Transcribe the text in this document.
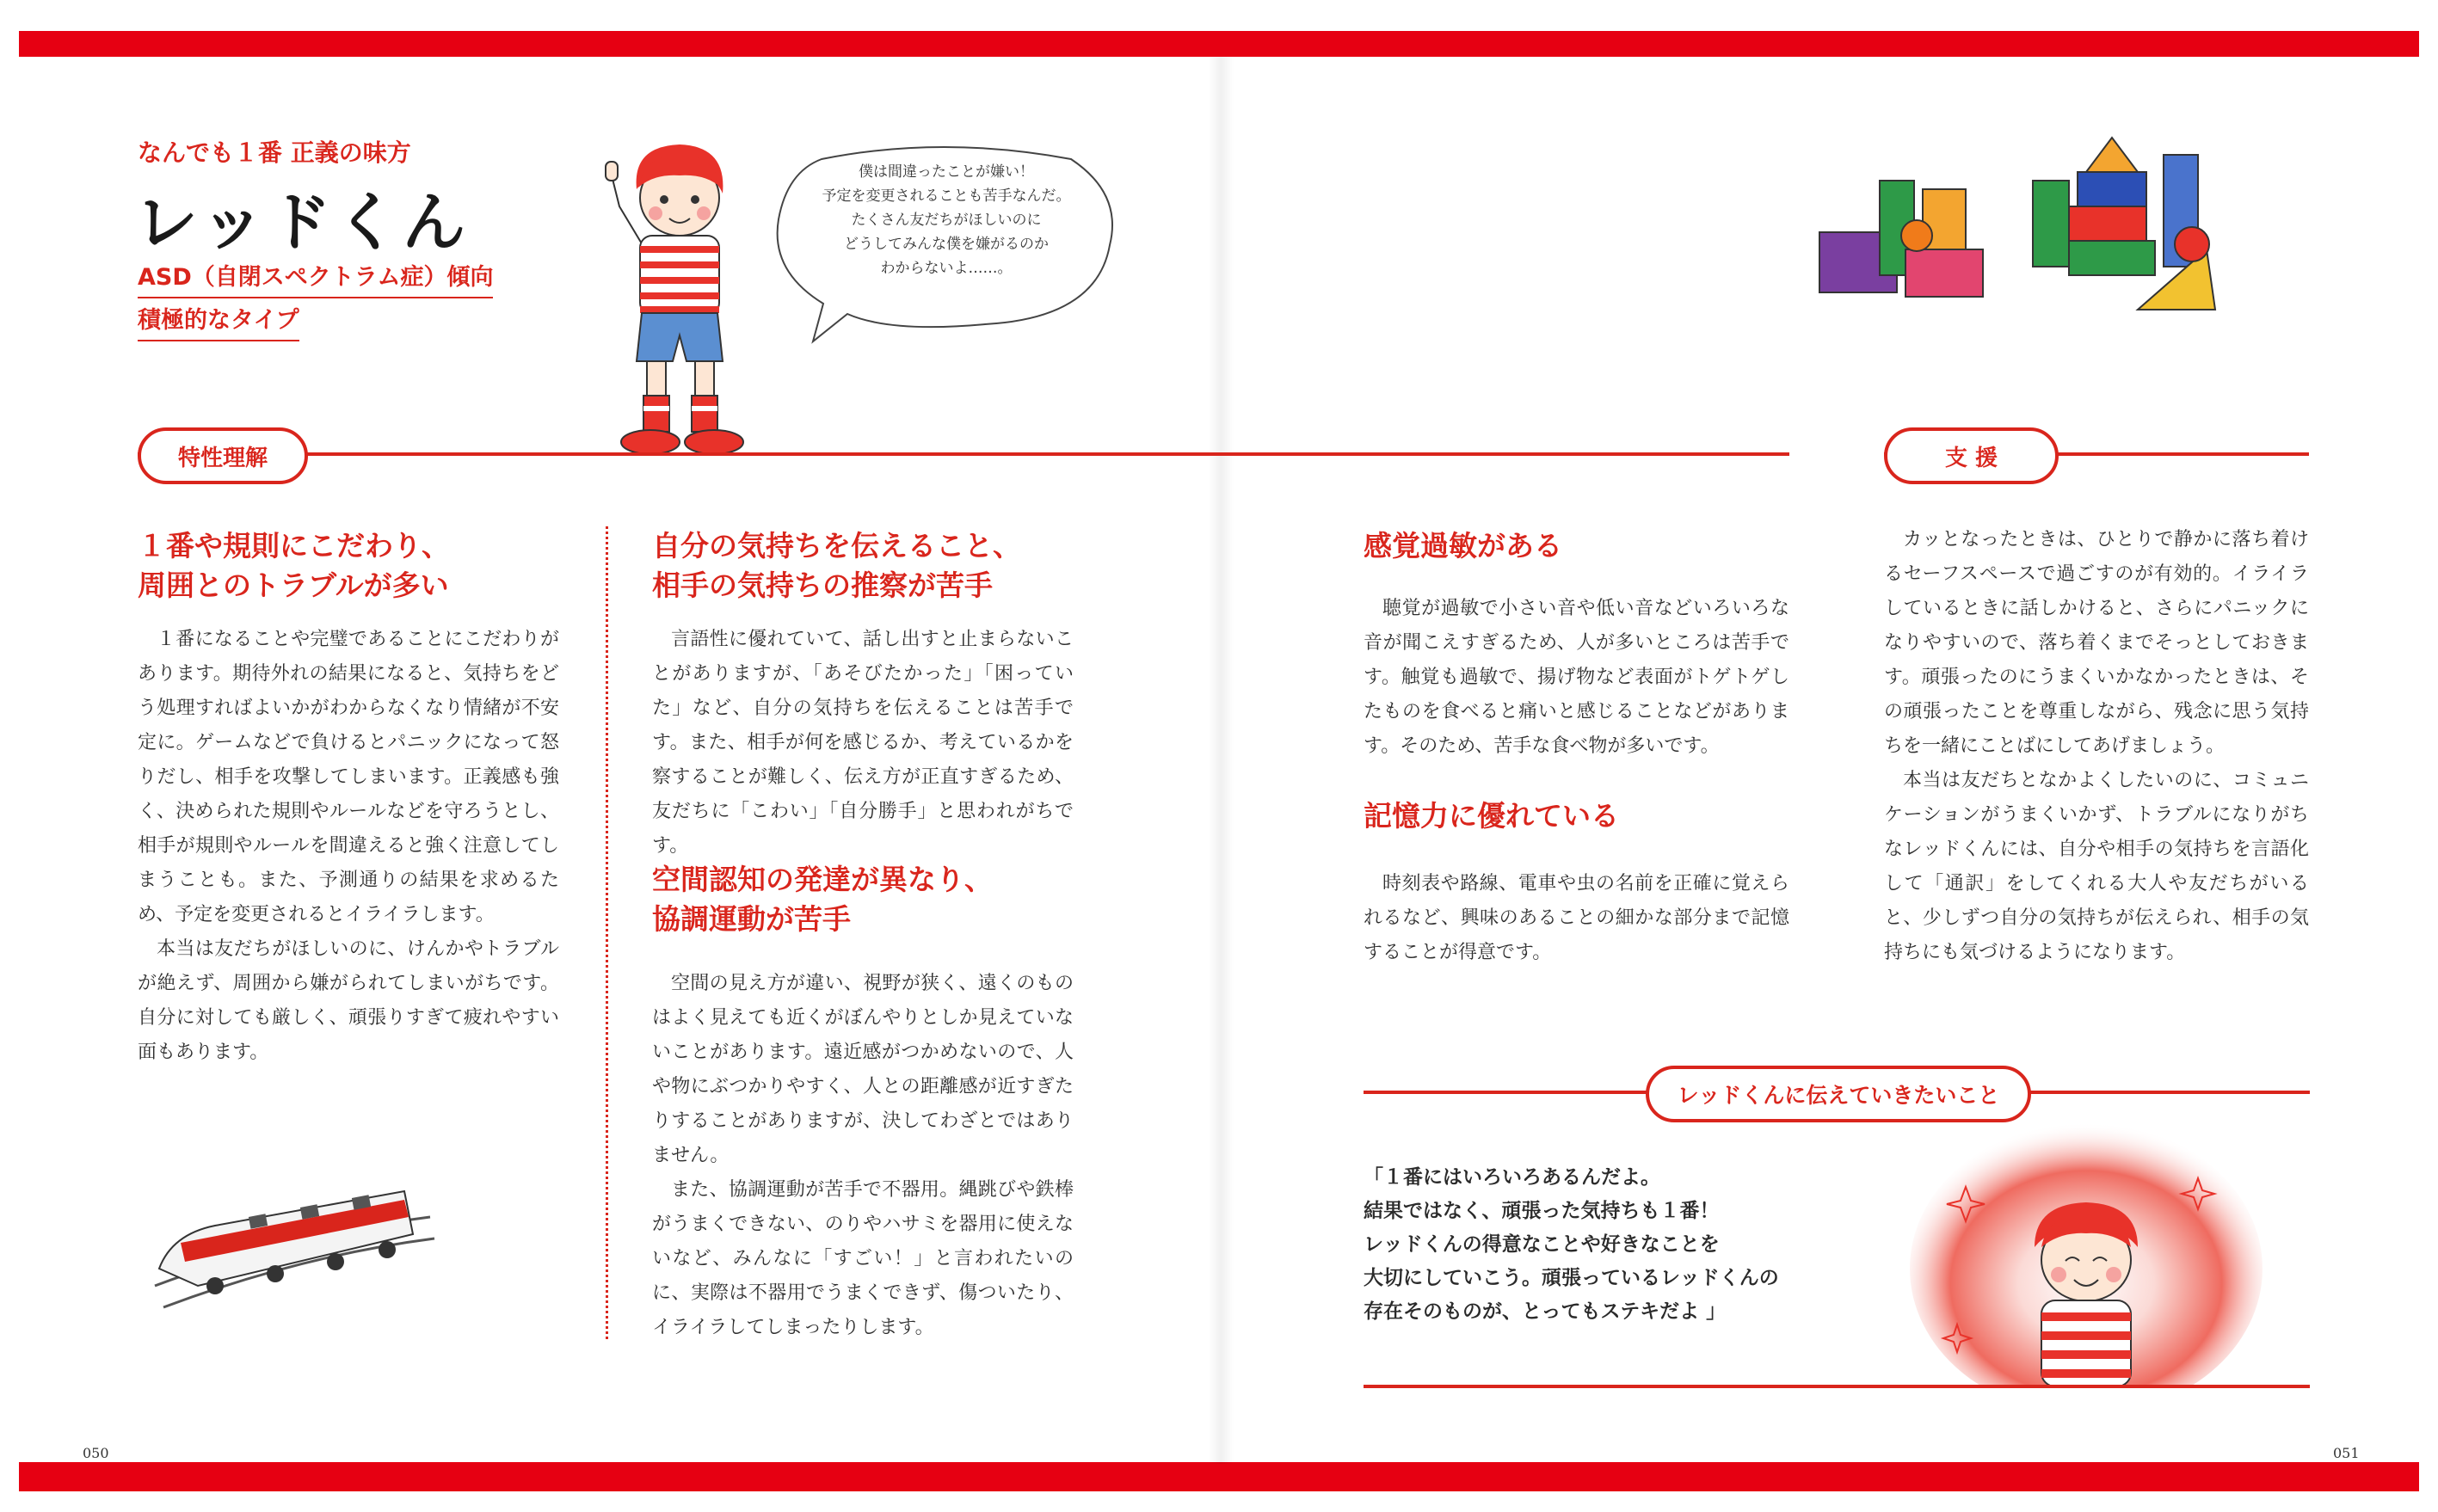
なんでも１番 正義の味方
レッドくん
ASD（自閉スペクトラム症）傾向
積極的なタイプ

僕は間違ったことが嫌い！

予定を変更されることも苦手なんだ。

たくさん友だちがほしいのに

どうしてみんな僕を嫌がるのか

わからないよ……。

特性理解	支 援
１番や規則にこだわり、
周囲とのトラブルが多い

１番になることや完璧であることにこだわりがあります。期待外れの結果になると、気持ちをどう処理すればよいかがわからなくなり情緒が不安定に。ゲームなどで負けるとパニックになって怒りだし、相手を攻撃してしまいます。正義感も強く、決められた規則やルールなどを守ろうとし、相手が規則やルールを間違えると強く注意してしまうことも。また、予測通りの結果を求めるため、予定を変更されるとイライラします。

本当は友だちがほしいのに、けんかやトラブルが絶えず、周囲から嫌がられてしまいがちです。自分に対しても厳しく、頑張りすぎて疲れやすい面もあります。

自分の気持ちを伝えること、
相手の気持ちの推察が苦手

言語性に優れていて、話し出すと止まらないことがありますが、「あそびたかった」「困っていた」など、自分の気持ちを伝えることは苦手です。また、相手が何を感じるか、考えているかを察することが難しく、伝え方が正直すぎるため、友だちに「こわい」「自分勝手」と思われがちです。

空間認知の発達が異なり、
協調運動が苦手

空間の見え方が違い、視野が狭く、遠くのものはよく見えても近くがぼんやりとしか見えていないことがあります。遠近感がつかめないので、人や物にぶつかりやすく、人との距離感が近すぎたりすることがありますが、決してわざとではありません。

また、協調運動が苦手で不器用。縄跳びや鉄棒がうまくできない、のりやハサミを器用に使えないなど、みんなに「すごい！」と言われたいのに、実際は不器用でうまくできず、傷ついたり、イライラしてしまったりします。

感覚過敏がある

聴覚が過敏で小さい音や低い音などいろいろな音が聞こえすぎるため、人が多いところは苦手です。触覚も過敏で、揚げ物など表面がトゲトゲしたものを食べると痛いと感じることなどがあります。そのため、苦手な食べ物が多いです。

記憶力に優れている

時刻表や路線、電車や虫の名前を正確に覚えられるなど、興味のあることの細かな部分まで記憶することが得意です。

カッとなったときは、ひとりで静かに落ち着けるセーフスペースで過ごすのが有効的。イライラしているときに話しかけると、さらにパニックになりやすいので、落ち着くまでそっとしておきます。頑張ったのにうまくいかなかったときは、その頑張ったことを尊重しながら、残念に思う気持ちを一緒にことばにしてあげましょう。

本当は友だちとなかよくしたいのに、コミュニケーションがうまくいかず、トラブルになりがちなレッドくんには、自分や相手の気持ちを言語化して「通訳」をしてくれる大人や友だちがいると、少しずつ自分の気持ちが伝えられ、相手の気持ちにも気づけるようになります。

レッドくんに伝えていきたいこと

「１番にはいろいろあるんだよ。

結果ではなく、頑張った気持ちも１番！

レッドくんの得意なことや好きなことを

大切にしていこう。頑張っているレッドくんの

存在そのものが、とってもステキだよ 」

050	051
